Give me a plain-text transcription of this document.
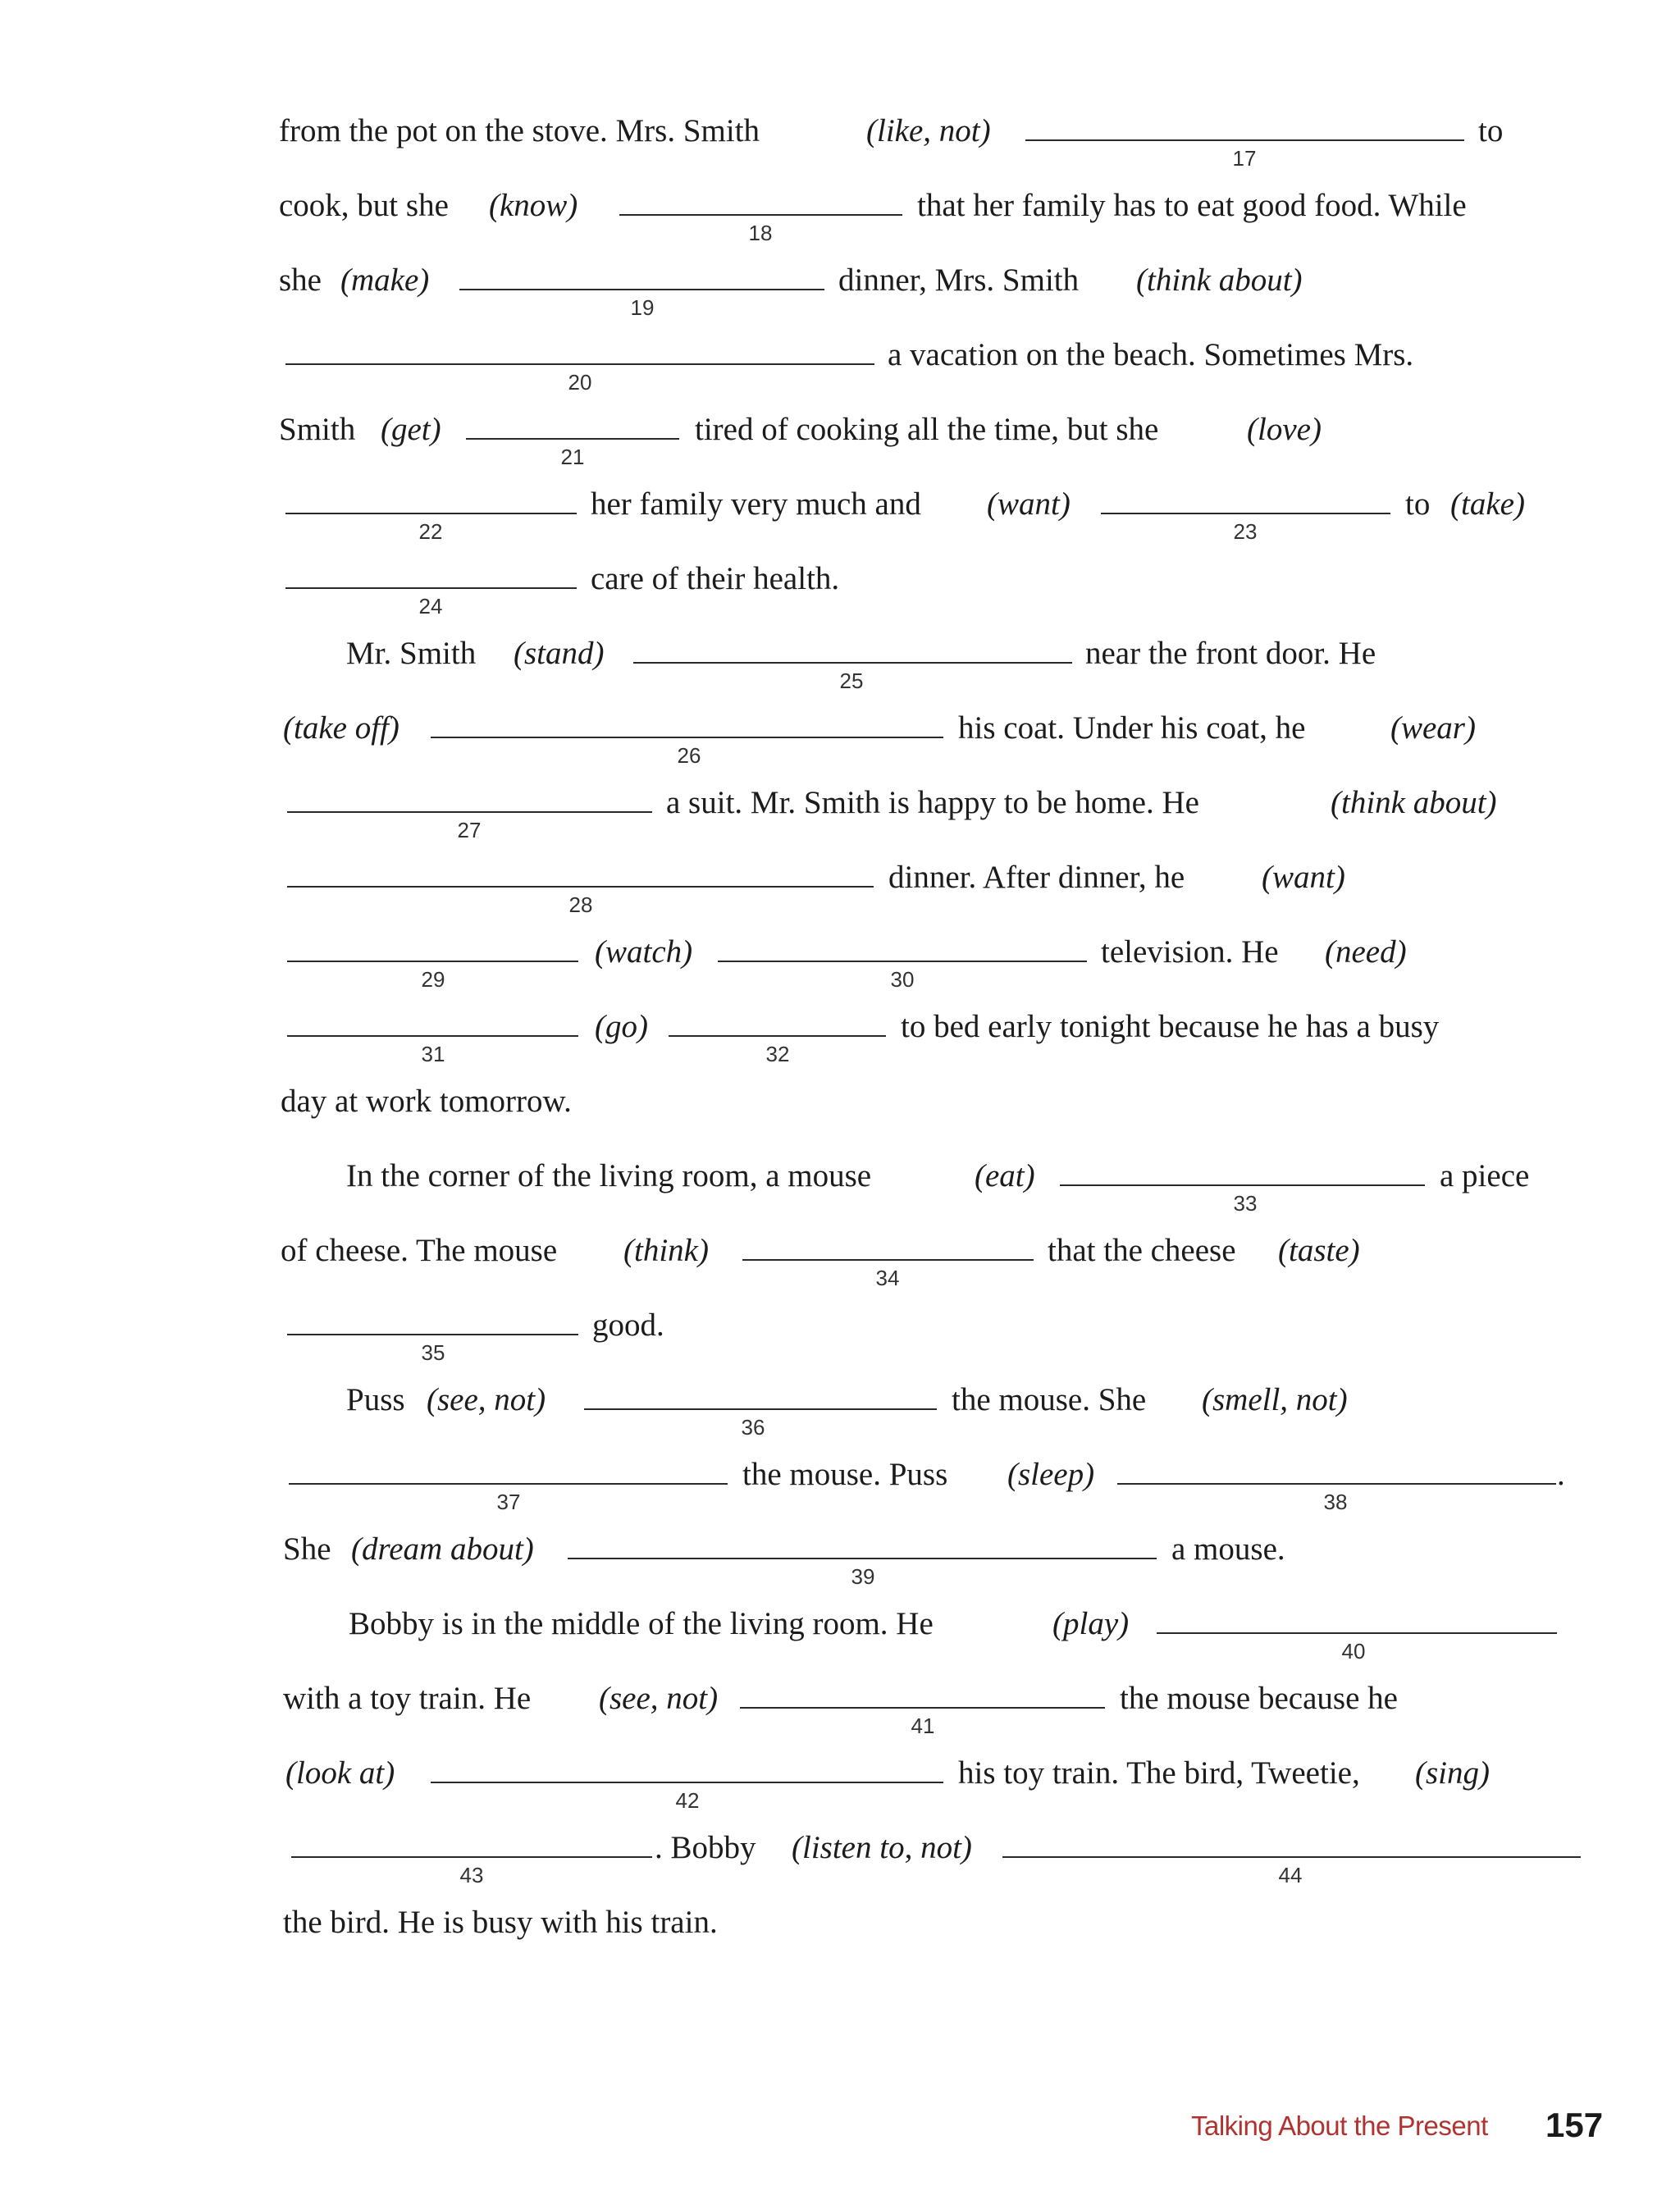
from the pot on the stove. Mrs. Smith	(like, not)
17
to
cook, but she (know)
18
that her family has to eat good food. While
she (make)
19
dinner, Mrs. Smith (think about)
20
a vacation on the beach. Sometimes Mrs.
Smith (get)
21
tired of cooking all the time, but she	(love)
22
her family very much and (want)
23
to (take)
24
care of their health.
Mr. Smith (stand)
25
near the front door. He
(take off)
26
his coat. Under his coat, he	(wear)
27
a suit. Mr. Smith is happy to be home. He	(think about)
28
dinner. After dinner, he (want)
29
(watch)
30
television. He (need)
31
(go)
32
to bed early tonight because he has a busy
day at work tomorrow.
In the corner of the living room, a mouse	(eat)
33
a piece
of cheese. The mouse (think)
34
that the cheese (taste)
35
good.
Puss (see, not)
36
the mouse. She (smell, not)
37
the mouse. Puss (sleep)
38
.
She (dream about)
39
a mouse.
Bobby is in the middle of the living room. He	(play)
40
with a toy train. He (see, not)
41
the mouse because he
(look at)
42
his toy train. The bird, Tweetie, (sing)
43
. Bobby (listen to, not)
44
the bird. He is busy with his train.
Talking About the Present 157
